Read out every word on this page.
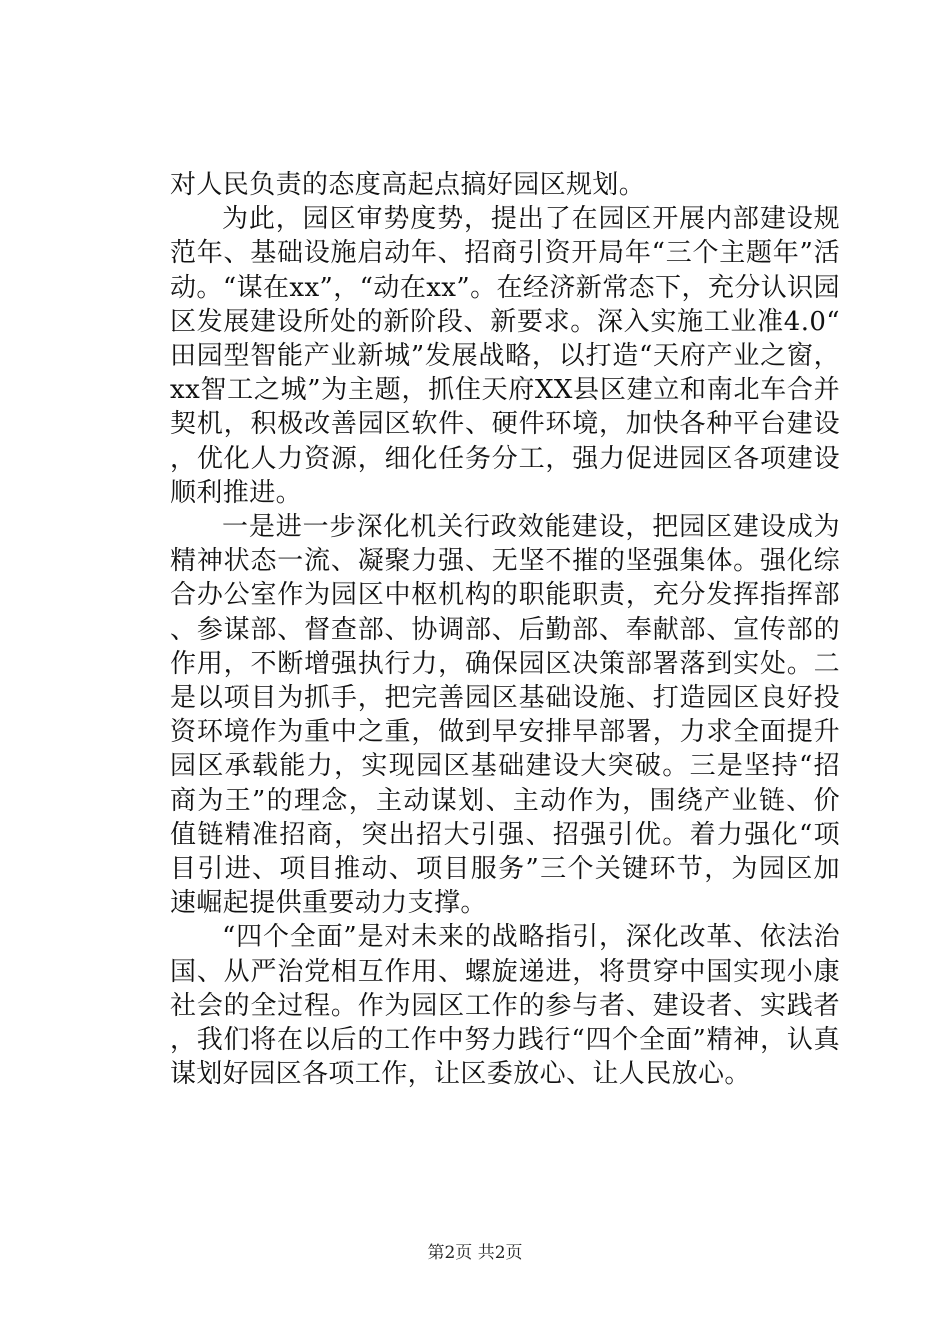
对人民负责的态度高起点搞好园区规划。

为此，园区审势度势，提出了在园区开展内部建设规范年、基础设施启动年、招商引资开局年“三个主题年”活动。“谋在xx”，“动在xx”。在经济新常态下，充分认识园区发展建设所处的新阶段、新要求。深入实施工业准4.0“田园型智能产业新城”发展战略，以打造“天府产业之窗，xx智工之城”为主题，抓住天府XX县区建立和南北车合并契机，积极改善园区软件、硬件环境，加快各种平台建设，优化人力资源，细化任务分工，强力促进园区各项建设顺利推进。

一是进一步深化机关行政效能建设，把园区建设成为精神状态一流、凝聚力强、无坚不摧的坚强集体。强化综合办公室作为园区中枢机构的职能职责，充分发挥指挥部、参谋部、督查部、协调部、后勤部、奉献部、宣传部的作用，不断增强执行力，确保园区决策部署落到实处。二是以项目为抓手，把完善园区基础设施、打造园区良好投资环境作为重中之重，做到早安排早部署，力求全面提升园区承载能力，实现园区基础建设大突破。三是坚持“招商为王”的理念，主动谋划、主动作为，围绕产业链、价值链精准招商，突出招大引强、招强引优。着力强化“项目引进、项目推动、项目服务”三个关键环节，为园区加速崛起提供重要动力支撑。

“四个全面”是对未来的战略指引，深化改革、依法治国、从严治党相互作用、螺旋递进，将贯穿中国实现小康社会的全过程。作为园区工作的参与者、建设者、实践者，我们将在以后的工作中努力践行“四个全面”精神，认真谋划好园区各项工作，让区委放心、让人民放心。

第2页 共2页
